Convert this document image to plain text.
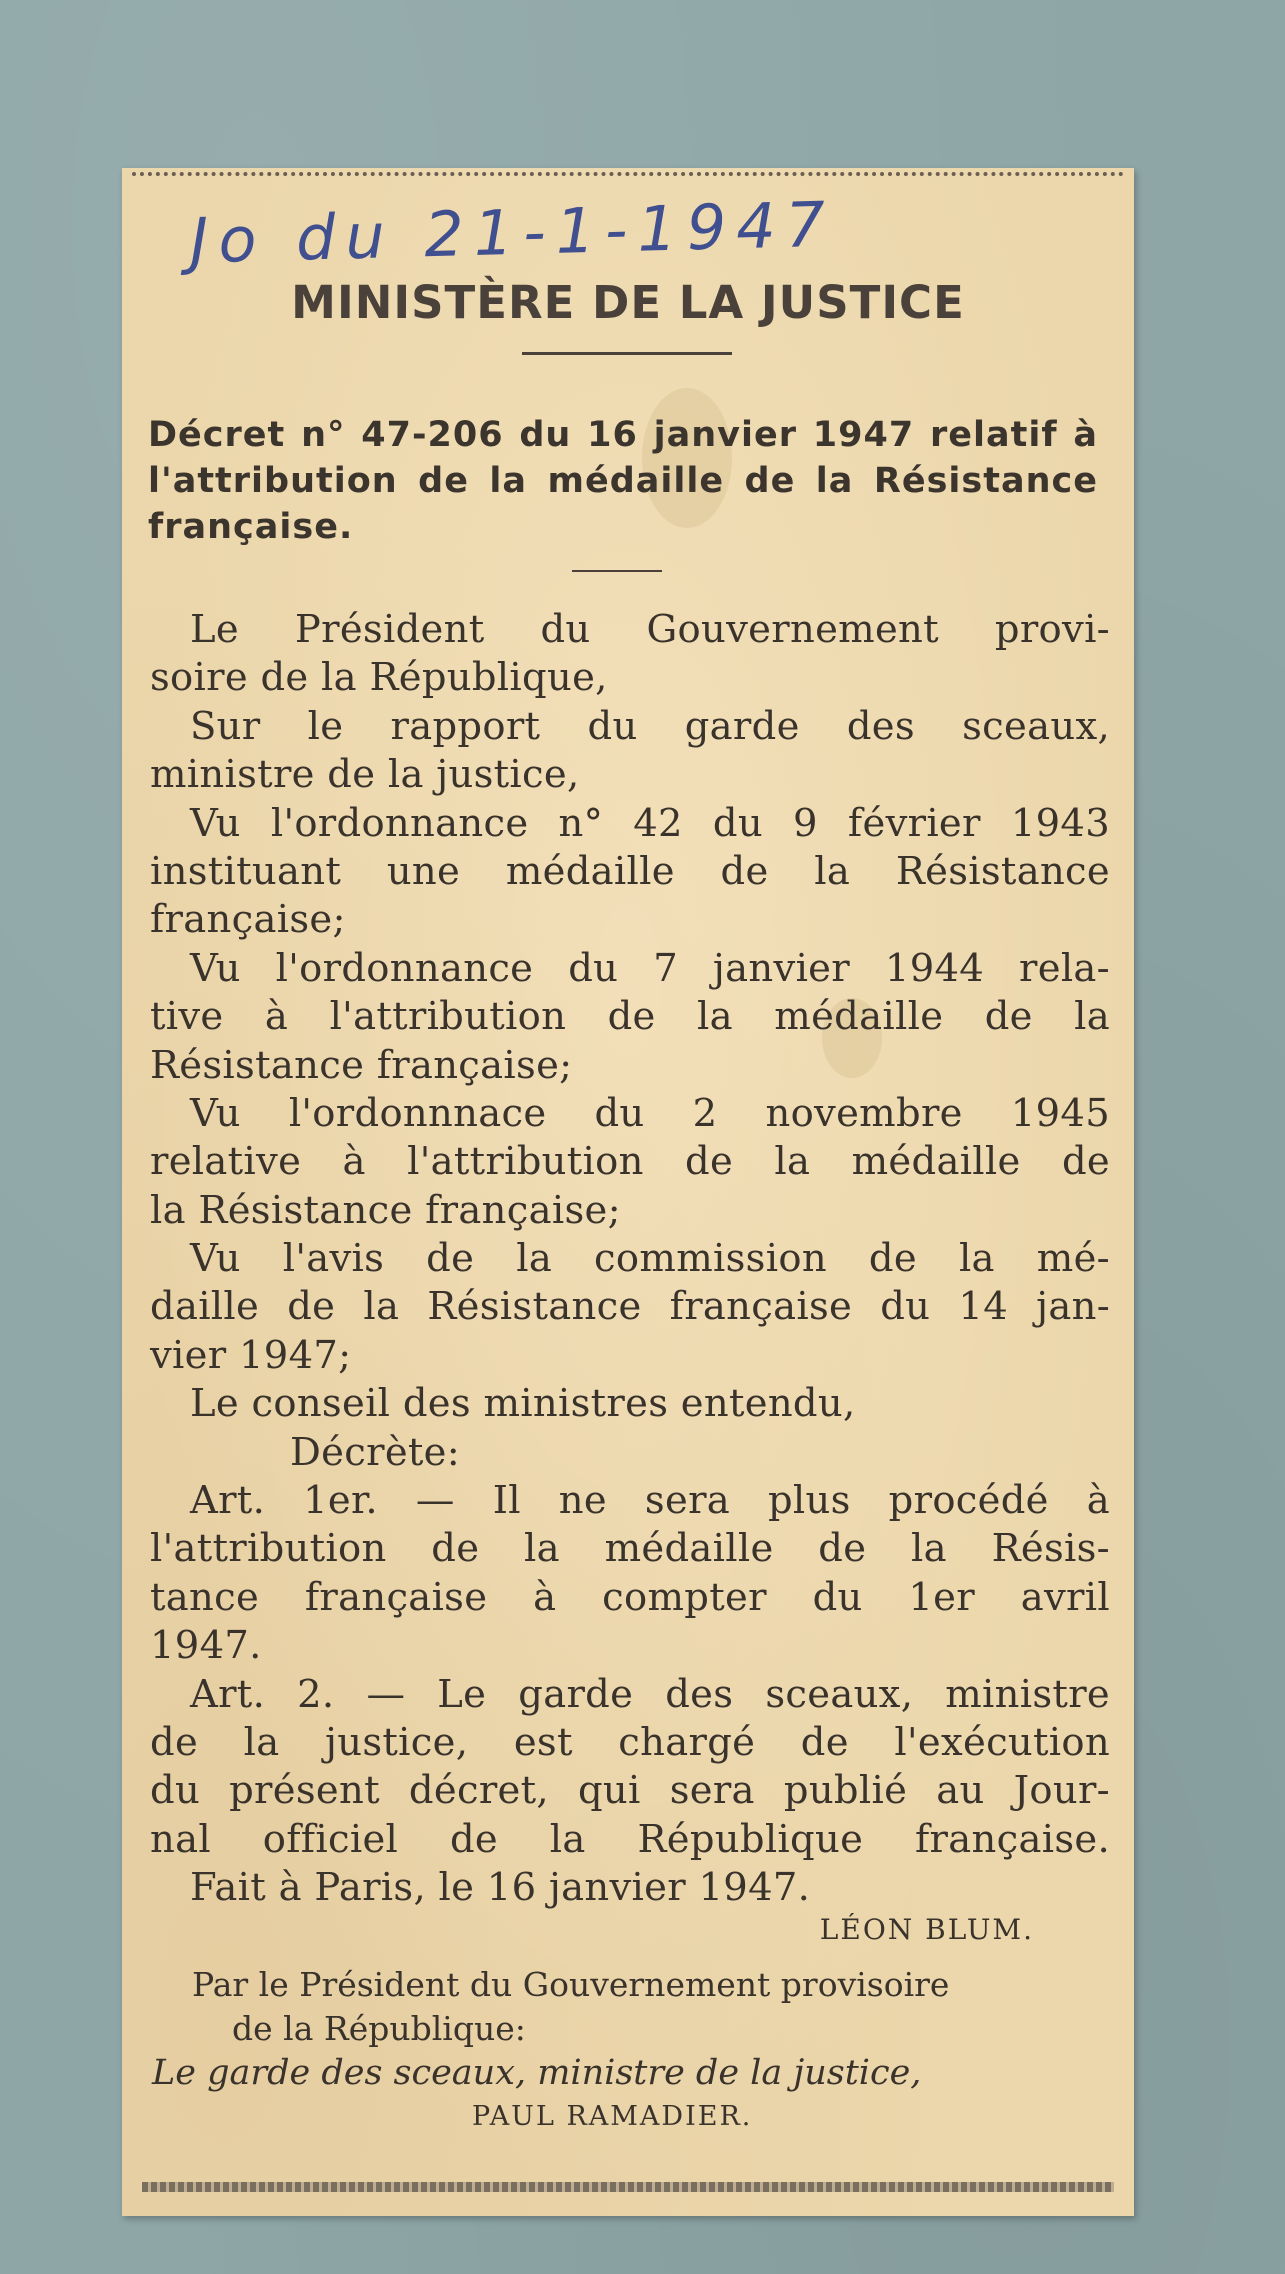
Jo du 21-1-1947
MINISTÈRE DE LA JUSTICE
Décret n° 47-206 du 16 janvier 1947 relatif à l'attribution de la médaille de la Résistance française.
Le Président du Gouvernement provi-
soire de la République,
Sur le rapport du garde des sceaux,
ministre de la justice,
Vu l'ordonnance n° 42 du 9 février 1943
instituant une médaille de la Résistance
française;
Vu l'ordonnance du 7 janvier 1944 rela-
tive à l'attribution de la médaille de la
Résistance française;
Vu l'ordonnnace du 2 novembre 1945
relative à l'attribution de la médaille de
la Résistance française;
Vu l'avis de la commission de la mé-
daille de la Résistance française du 14 jan-
vier 1947;
Le conseil des ministres entendu,
Décrète:
Art. 1er. — Il ne sera plus procédé à
l'attribution de la médaille de la Résis-
tance française à compter du 1er avril
1947.
Art. 2. — Le garde des sceaux, ministre
de la justice, est chargé de l'exécution
du présent décret, qui sera publié au Jour-
nal officiel de la République française.
Fait à Paris, le 16 janvier 1947.
LÉON BLUM.
Par le Président du Gouvernement provisoire
de la République:
Le garde des sceaux, ministre de la justice,
PAUL RAMADIER.
